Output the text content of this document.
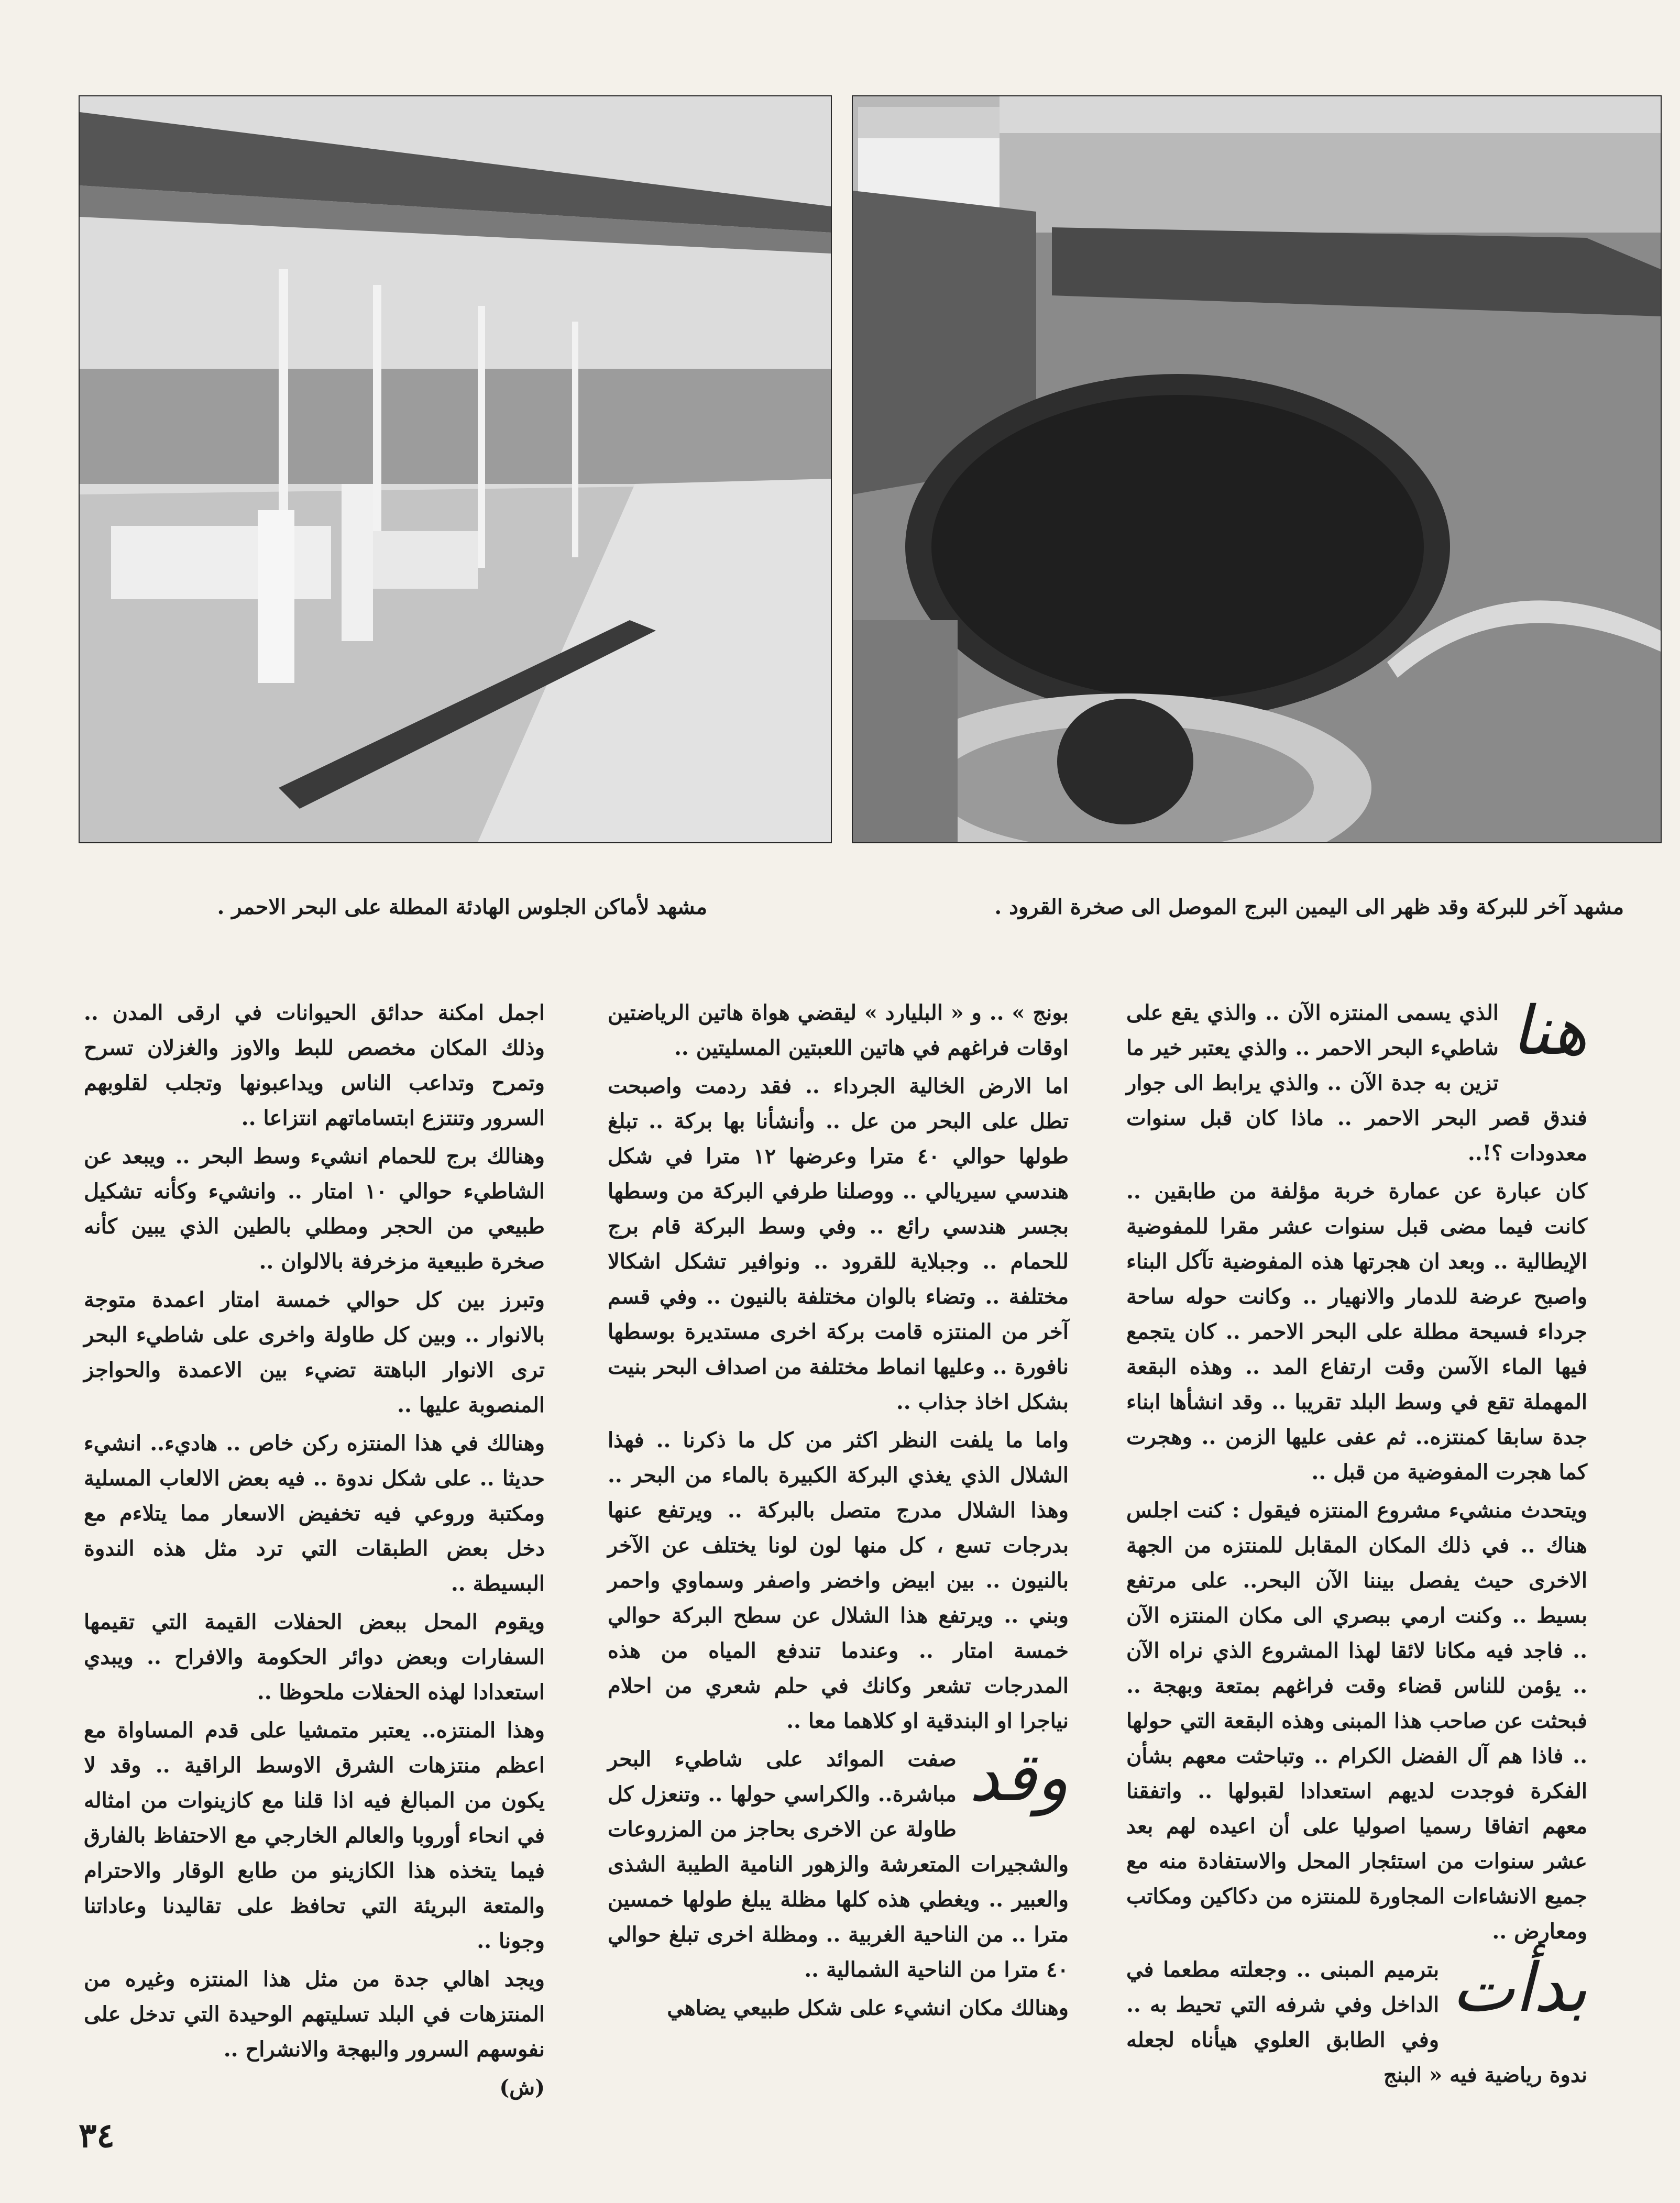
مشهد آخر للبركة وقد ظهر الى اليمين البرج الموصل الى صخرة القرود .
مشهد لأماكن الجلوس الهادئة المطلة على البحر الاحمر .
هنا

الذي يسمى المنتزه الآن .. والذي يقع على شاطيء البحر الاحمر .. والذي يعتبر خير ما تزين به جدة الآن .. والذي يرابط الى جوار فندق قصر البحر الاحمر .. ماذا كان قبل سنوات معدودات ؟!..

كان عبارة عن عمارة خربة مؤلفة من طابقين .. كانت فيما مضى قبل سنوات عشر مقرا للمفوضية الإيطالية .. وبعد ان هجرتها هذه المفوضية تآكل البناء واصبح عرضة للدمار والانهيار .. وكانت حوله ساحة جرداء فسيحة مطلة على البحر الاحمر .. كان يتجمع فيها الماء الآسن وقت ارتفاع المد .. وهذه البقعة المهملة تقع في وسط البلد تقريبا .. وقد انشأها ابناء جدة سابقا كمنتزه.. ثم عفى عليها الزمن .. وهجرت كما هجرت المفوضية من قبل ..

ويتحدث منشيء مشروع المنتزه فيقول : كنت اجلس هناك .. في ذلك المكان المقابل للمنتزه من الجهة الاخرى حيث يفصل بيننا الآن البحر.. على مرتفع بسيط .. وكنت ارمي ببصري الى مكان المنتزه الآن .. فاجد فيه مكانا لائقا لهذا المشروع الذي نراه الآن .. يؤمن للناس قضاء وقت فراغهم بمتعة وبهجة .. فبحثت عن صاحب هذا المبنى وهذه البقعة التي حولها .. فاذا هم آل الفضل الكرام .. وتباحثت معهم بشأن الفكرة فوجدت لديهم استعدادا لقبولها .. واتفقنا معهم اتفاقا رسميا اصوليا على أن اعيده لهم بعد عشر سنوات من استئجار المحل والاستفادة منه مع جميع الانشاءات المجاورة للمنتزه من دكاكين ومكاتب ومعارض ..

بدأت

بترميم المبنى .. وجعلته مطعما في الداخل وفي شرفه التي تحيط به .. وفي الطابق العلوي هيأناه لجعله ندوة رياضية فيه « البنج

بونج » .. و « البليارد » ليقضي هواة هاتين الرياضتين اوقات فراغهم في هاتين اللعبتين المسليتين ..

اما الارض الخالية الجرداء .. فقد ردمت واصبحت تطل على البحر من عل .. وأنشأنا بها بركة .. تبلغ طولها حوالي ٤٠ مترا وعرضها ١٢ مترا في شكل هندسي سيريالي .. ووصلنا طرفي البركة من وسطها بجسر هندسي رائع .. وفي وسط البركة قام برج للحمام .. وجبلاية للقرود .. ونوافير تشكل اشكالا مختلفة .. وتضاء بالوان مختلفة بالنيون .. وفي قسم آخر من المنتزه قامت بركة اخرى مستديرة بوسطها نافورة .. وعليها انماط مختلفة من اصداف البحر بنيت بشكل اخاذ جذاب ..

واما ما يلفت النظر اكثر من كل ما ذكرنا .. فهذا الشلال الذي يغذي البركة الكبيرة بالماء من البحر .. وهذا الشلال مدرج متصل بالبركة .. ويرتفع عنها بدرجات تسع ، كل منها لون لونا يختلف عن الآخر بالنيون .. بين ابيض واخضر واصفر وسماوي واحمر وبني .. ويرتفع هذا الشلال عن سطح البركة حوالي خمسة امتار .. وعندما تندفع المياه من هذه المدرجات تشعر وكانك في حلم شعري من احلام نياجرا او البندقية او كلاهما معا ..

وقد

صفت الموائد على شاطيء البحر مباشرة.. والكراسي حولها .. وتنعزل كل طاولة عن الاخرى بحاجز من المزروعات والشجيرات المتعرشة والزهور النامية الطيبة الشذى والعبير .. ويغطي هذه كلها مظلة يبلغ طولها خمسين مترا .. من الناحية الغربية .. ومظلة اخرى تبلغ حوالي ٤٠ مترا من الناحية الشمالية ..

وهنالك مكان انشيء على شكل طبيعي يضاهي

اجمل امكنة حدائق الحيوانات في ارقى المدن .. وذلك المكان مخصص للبط والاوز والغزلان تسرح وتمرح وتداعب الناس ويداعبونها وتجلب لقلوبهم السرور وتنتزع ابتساماتهم انتزاعا ..

وهنالك برج للحمام انشيء وسط البحر .. ويبعد عن الشاطيء حوالي ١٠ امتار .. وانشيء وكأنه تشكيل طبيعي من الحجر ومطلي بالطين الذي يبين كأنه صخرة طبيعية مزخرفة بالالوان ..

وتبرز بين كل حوالي خمسة امتار اعمدة متوجة بالانوار .. وبين كل طاولة واخرى على شاطيء البحر ترى الانوار الباهتة تضيء بين الاعمدة والحواجز المنصوبة عليها ..

وهنالك في هذا المنتزه ركن خاص .. هاديء.. انشيء حديثا .. على شكل ندوة .. فيه بعض الالعاب المسلية ومكتبة وروعي فيه تخفيض الاسعار مما يتلاءم مع دخل بعض الطبقات التي ترد مثل هذه الندوة البسيطة ..

ويقوم المحل ببعض الحفلات القيمة التي تقيمها السفارات وبعض دوائر الحكومة والافراح .. ويبدي استعدادا لهذه الحفلات ملحوظا ..

وهذا المنتزه.. يعتبر متمشيا على قدم المساواة مع اعظم منتزهات الشرق الاوسط الراقية .. وقد لا يكون من المبالغ فيه اذا قلنا مع كازينوات من امثاله في انحاء أوروبا والعالم الخارجي مع الاحتفاظ بالفارق فيما يتخذه هذا الكازينو من طابع الوقار والاحترام والمتعة البريئة التي تحافظ على تقاليدنا وعاداتنا وجونا ..

ويجد اهالي جدة من مثل هذا المنتزه وغيره من المنتزهات في البلد تسليتهم الوحيدة التي تدخل على نفوسهم السرور والبهجة والانشراح ..

(ش)

٣٤
